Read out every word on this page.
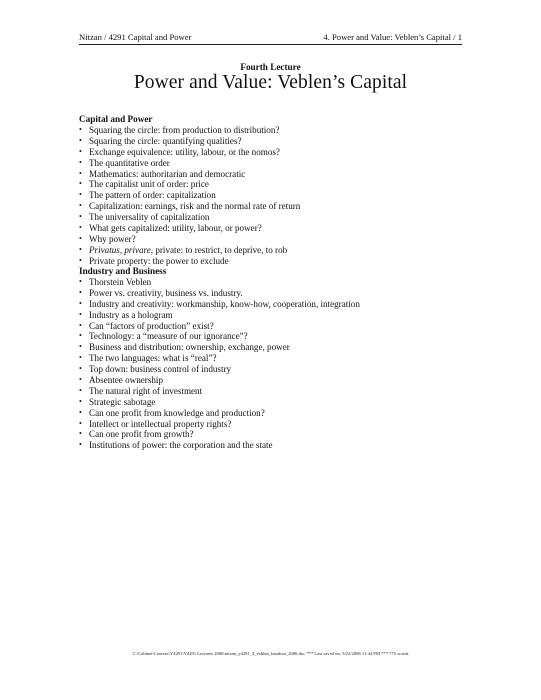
Nitzan / 4291 Capital and Power	4. Power and Value: Veblen’s Capital / 1
Fourth Lecture
Power and Value: Veblen’s Capital
Capital and Power
• Squaring the circle: from production to distribution?
• Squaring the circle: quantifying qualities?
• Exchange equivalence: utility, labour, or the nomos?
• The quantitative order
• Mathematics: authoritarian and democratic
• The capitalist unit of order: price
• The pattern of order: capitalization
• Capitalization: earnings, risk and the normal rate of return
• The universality of capitalization
• What gets capitalized: utility, labour, or power?
• Why power?
• Privatus, privare, private: to restrict, to deprive, to rob
• Private property: the power to exclude
Industry and Business
• Thorstein Veblen
• Power vs. creativity, business vs. industry.
• Industry and creativity: workmanship, know-how, cooperation, integration
• Industry as a hologram
• Can “factors of production” exist?
• Technology: a “measure of our ignorance”?
• Business and distribution: ownership, exchange, power
• The two languages: what is “real”?
• Top down: business control of industry
• Absentee ownership
• The natural right of investment
• Strategic sabotage
• Can one profit from knowledge and production?
• Intellect or intellectual property rights?
• Can one profit from growth?
• Institutions of power: the corporation and the state
C:\Cabinet\Courses\Y4291\Y4291 Lectures 2006\nitzan_y4291_4_veblen_handout_2006.doc *** Last saved on: 5/22/2006 11:44 PM *** 775 words
